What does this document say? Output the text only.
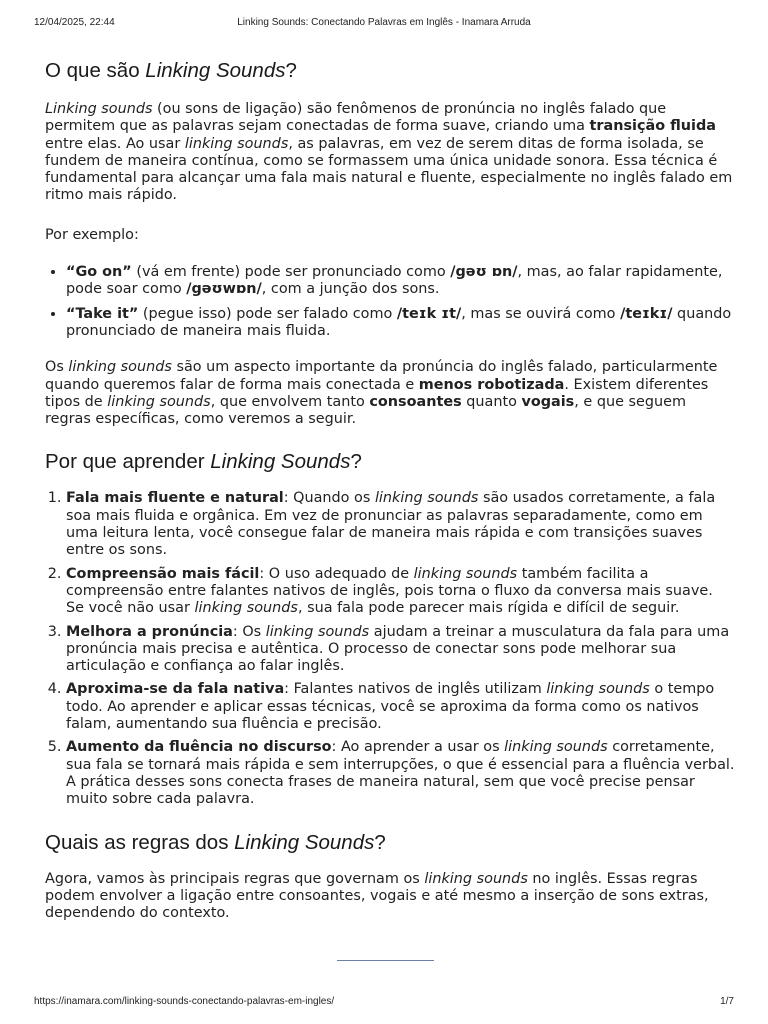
12/04/2025, 22:44	Linking Sounds: Conectando Palavras em Inglês - Inamara Arruda
O que são Linking Sounds?

Linking sounds (ou sons de ligação) são fenômenos de pronúncia no inglês falado que permitem que as palavras sejam conectadas de forma suave, criando uma transição fluida entre elas. Ao usar linking sounds, as palavras, em vez de serem ditas de forma isolada, se fundem de maneira contínua, como se formassem uma única unidade sonora. Essa técnica é fundamental para alcançar uma fala mais natural e fluente, especialmente no inglês falado em ritmo mais rápido.

Por exemplo:

• “Go on” (vá em frente) pode ser pronunciado como /gəʊ ɒn/, mas, ao falar rapidamente, pode soar como /gəʊwɒn/, com a junção dos sons.
• “Take it” (pegue isso) pode ser falado como /teɪk ɪt/, mas se ouvirá como /teɪkɪ/ quando pronunciado de maneira mais fluida.

Os linking sounds são um aspecto importante da pronúncia do inglês falado, particularmente quando queremos falar de forma mais conectada e menos robotizada. Existem diferentes tipos de linking sounds, que envolvem tanto consoantes quanto vogais, e que seguem regras específicas, como veremos a seguir.

Por que aprender Linking Sounds?
1. Fala mais fluente e natural: Quando os linking sounds são usados corretamente, a fala soa mais fluida e orgânica. Em vez de pronunciar as palavras separadamente, como em uma leitura lenta, você consegue falar de maneira mais rápida e com transições suaves entre os sons.
2. Compreensão mais fácil: O uso adequado de linking sounds também facilita a compreensão entre falantes nativos de inglês, pois torna o fluxo da conversa mais suave. Se você não usar linking sounds, sua fala pode parecer mais rígida e difícil de seguir.
3. Melhora a pronúncia: Os linking sounds ajudam a treinar a musculatura da fala para uma pronúncia mais precisa e autêntica. O processo de conectar sons pode melhorar sua articulação e confiança ao falar inglês.
4. Aproxima-se da fala nativa: Falantes nativos de inglês utilizam linking sounds o tempo todo. Ao aprender e aplicar essas técnicas, você se aproxima da forma como os nativos falam, aumentando sua fluência e precisão.
5. Aumento da fluência no discurso: Ao aprender a usar os linking sounds corretamente, sua fala se tornará mais rápida e sem interrupções, o que é essencial para a fluência verbal. A prática desses sons conecta frases de maneira natural, sem que você precise pensar muito sobre cada palavra.
Quais as regras dos Linking Sounds?

Agora, vamos às principais regras que governam os linking sounds no inglês. Essas regras podem envolver a ligação entre consoantes, vogais e até mesmo a inserção de sons extras, dependendo do contexto.

https://inamara.com/linking-sounds-conectando-palavras-em-ingles/	1/7
